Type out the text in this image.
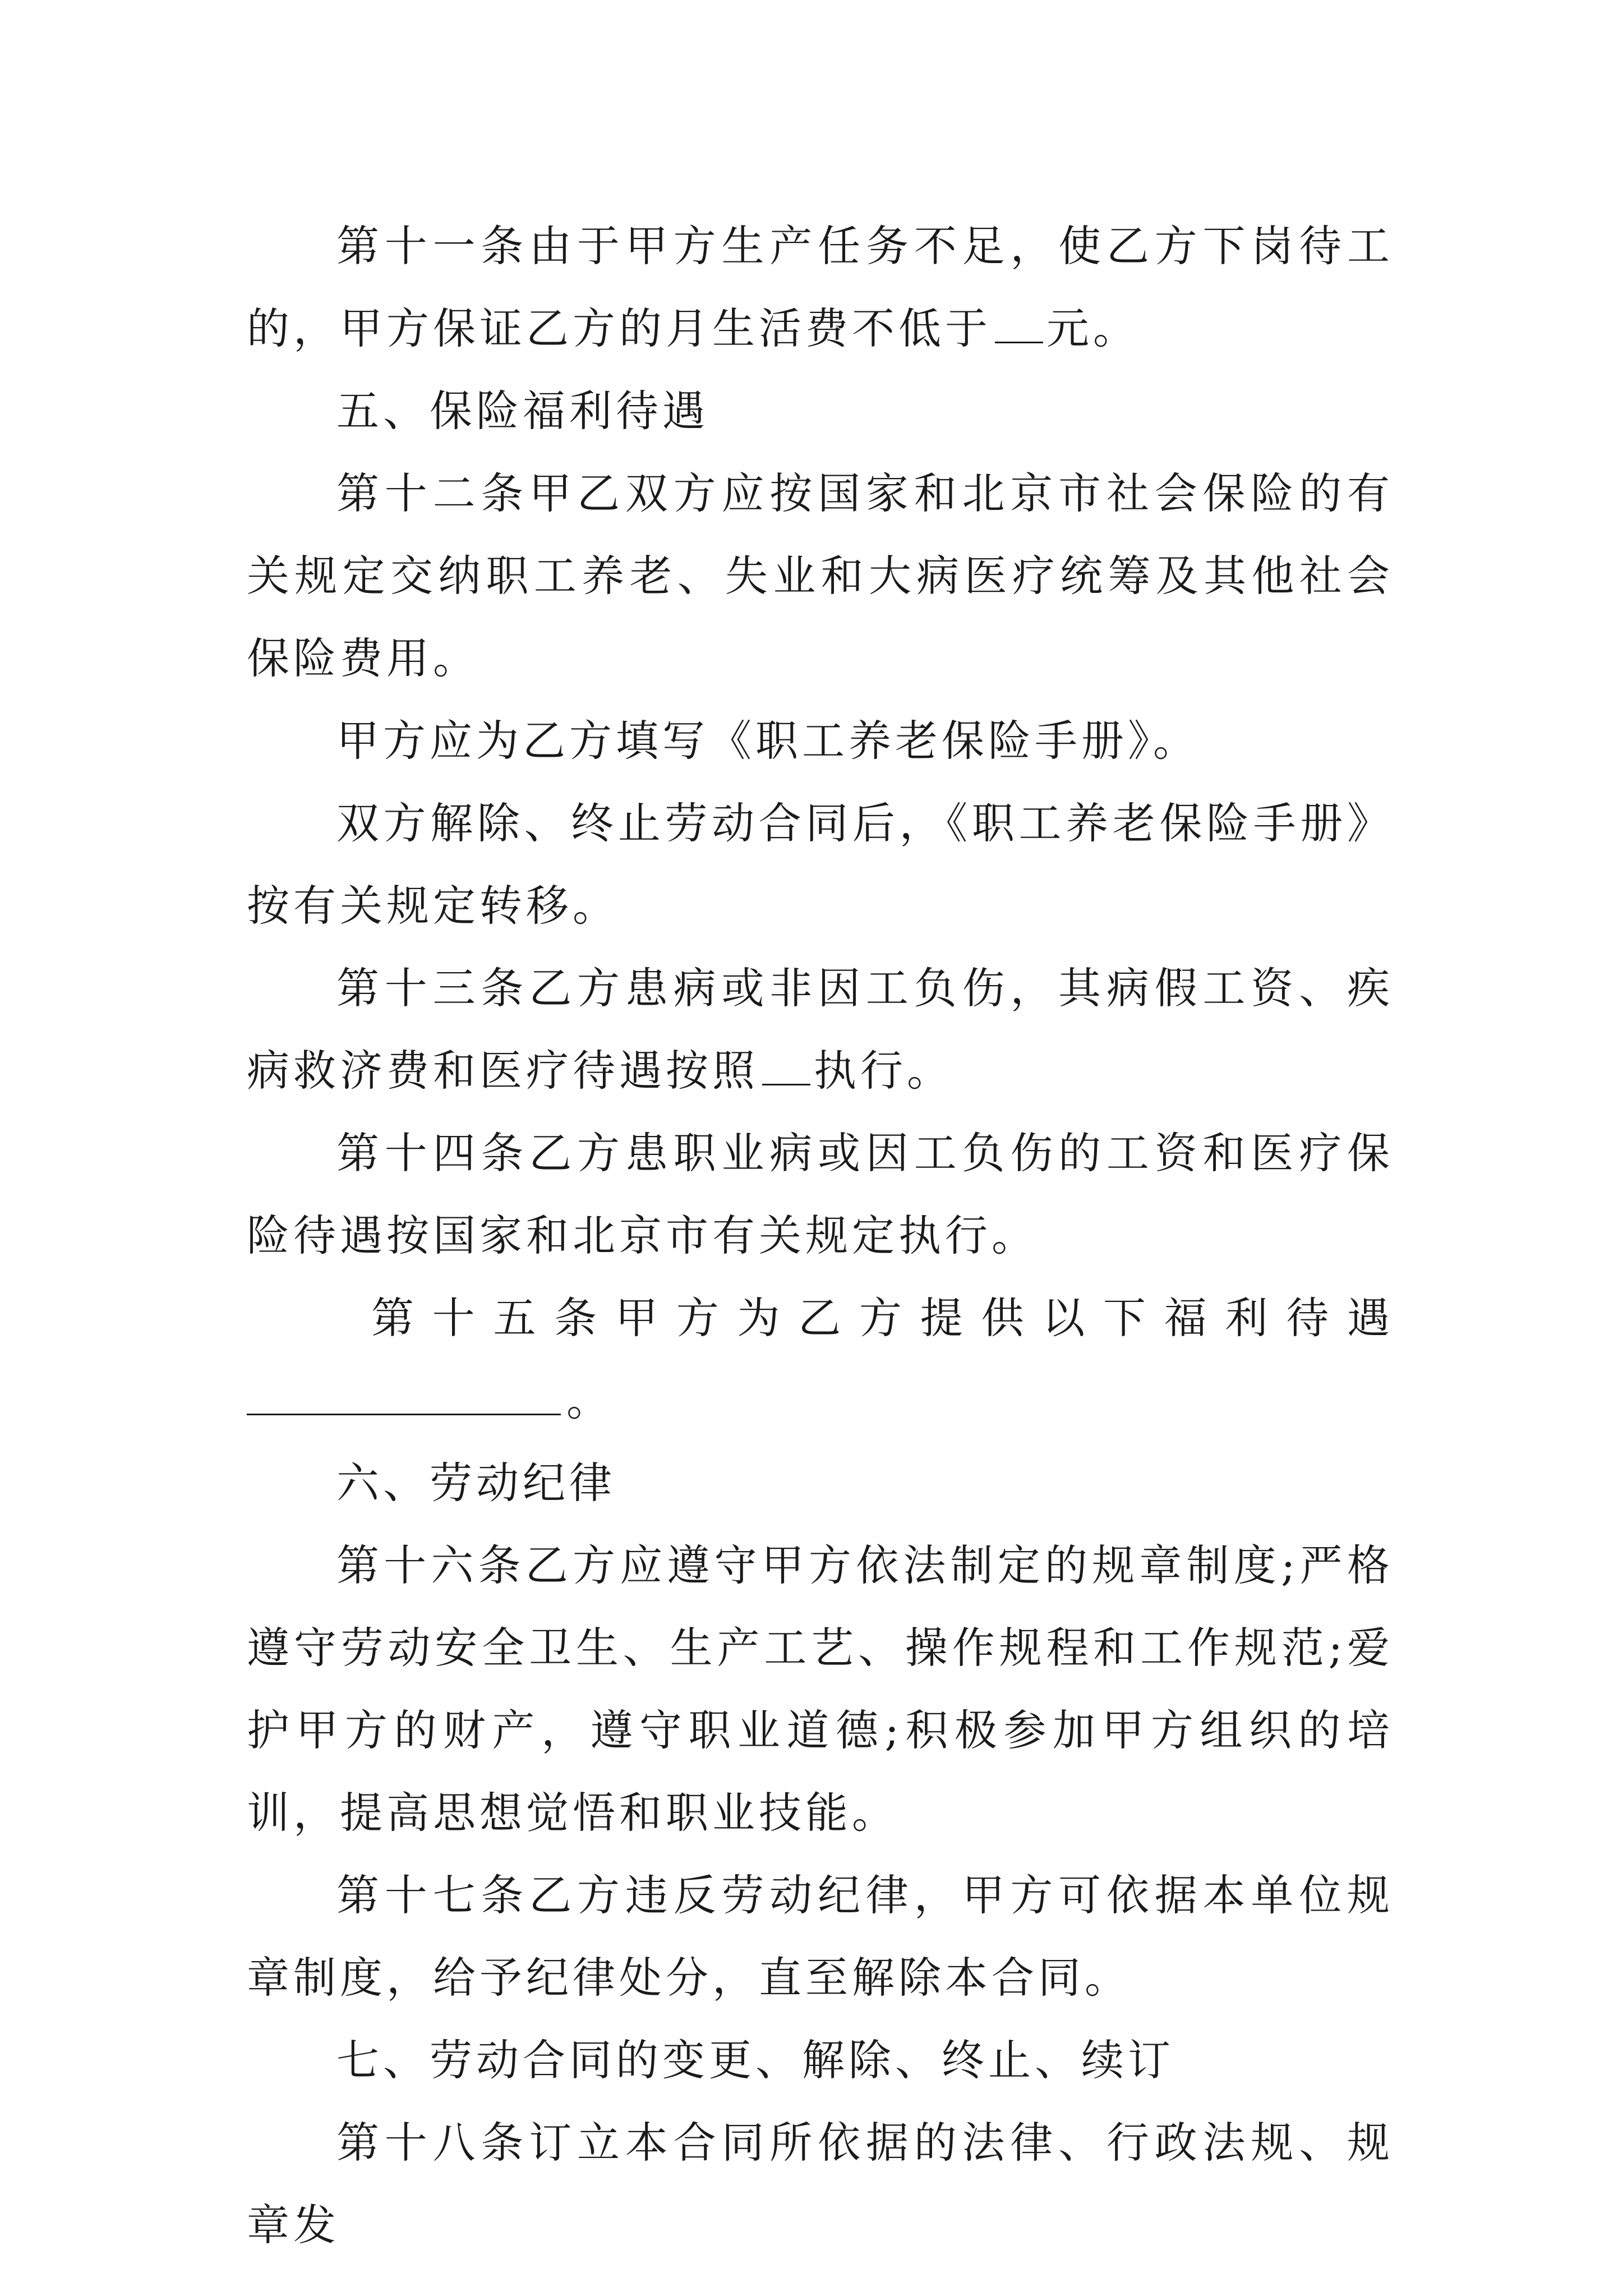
第十一条由于甲方生产任务不足，使乙方下岗待工的，甲方保证乙方的月生活费不低于 元。

五、保险福利待遇

第十二条甲乙双方应按国家和北京市社会保险的有关规定交纳职工养老、失业和大病医疗统筹及其他社会保险费用。

甲方应为乙方填写《职工养老保险手册》。

双方解除、终止劳动合同后，《职工养老保险手册》按有关规定转移。

第十三条乙方患病或非因工负伤，其病假工资、疾病救济费和医疗待遇按照 执行。

第十四条乙方患职业病或因工负伤的工资和医疗保险待遇按国家和北京市有关规定执行。

第十五条甲方为乙方提供以下福利待遇

。

六、劳动纪律

第十六条乙方应遵守甲方依法制定的规章制度;严格遵守劳动安全卫生、生产工艺、操作规程和工作规范;爱护甲方的财产，遵守职业道德;积极参加甲方组织的培训，提高思想觉悟和职业技能。

第十七条乙方违反劳动纪律，甲方可依据本单位规章制度，给予纪律处分，直至解除本合同。

七、劳动合同的变更、解除、终止、续订

第十八条订立本合同所依据的法律、行政法规、规章发
